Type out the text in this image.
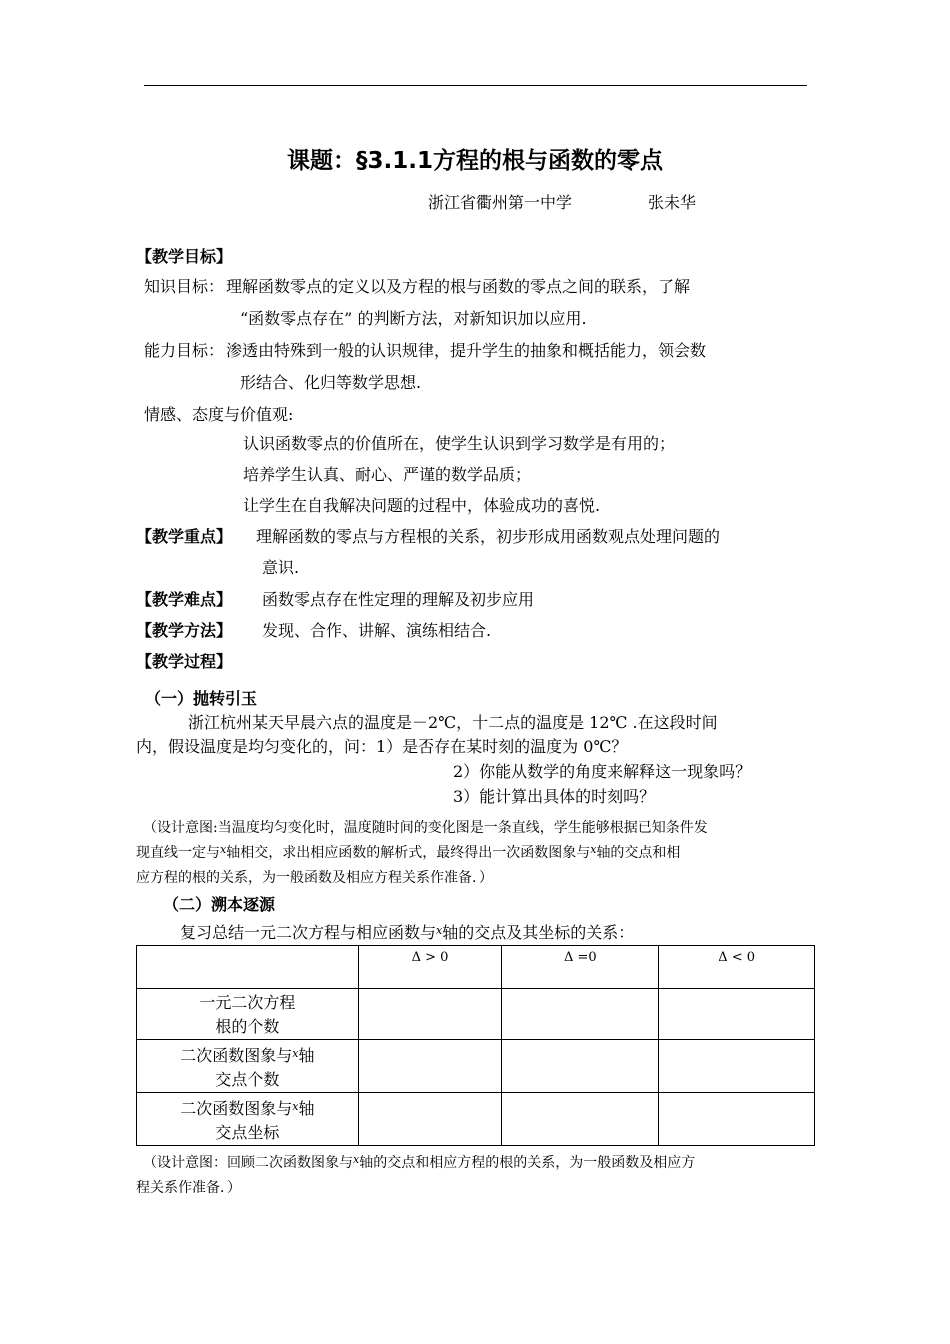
课题：§3.1.1方程的根与函数的零点
浙江省衢州第一中学	张未华
【教学目标】
知识目标： 理解函数零点的定义以及方程的根与函数的零点之间的联系，了解
“函数零点存在” 的判断方法，对新知识加以应用.
能力目标： 渗透由特殊到一般的认识规律，提升学生的抽象和概括能力，领会数
形结合、化归等数学思想.
情感、态度与价值观:
认识函数零点的价值所在，使学生认识到学习数学是有用的；
培养学生认真、耐心、严谨的数学品质；
让学生在自我解决问题的过程中，体验成功的喜悦.
【教学重点】 理解函数的零点与方程根的关系，初步形成用函数观点处理问题的
意识.
【教学难点】 函数零点存在性定理的理解及初步应用
【教学方法】 发现、合作、讲解、演练相结合.
【教学过程】
（一）抛转引玉
浙江杭州某天早晨六点的温度是－2℃，十二点的温度是 12℃ .在这段时间
内，假设温度是均匀变化的，问：1）是否存在某时刻的温度为 0℃？
2）你能从数学的角度来解释这一现象吗？
3）能计算出具体的时刻吗？
（设计意图:当温度均匀变化时，温度随时间的变化图是一条直线，学生能够根据已知条件发
现直线一定与$^x$轴相交，求出相应函数的解析式，最终得出一次函数图象与$^x$轴的交点和相
应方程的根的关系，为一般函数及相应方程关系作准备．）
（二）溯本逐源
复习总结一元二次方程与相应函数与$^x$轴的交点及其坐标的关系：

	Δ > 0	Δ =0	Δ < 0

一元二次方程
根的个数			

二次函数图象与$^x$轴
交点个数			

二次函数图象与$^x$轴
交点坐标			

（设计意图：回顾二次函数图象与$^x$轴的交点和相应方程的根的关系，为一般函数及相应方
程关系作准备．）
